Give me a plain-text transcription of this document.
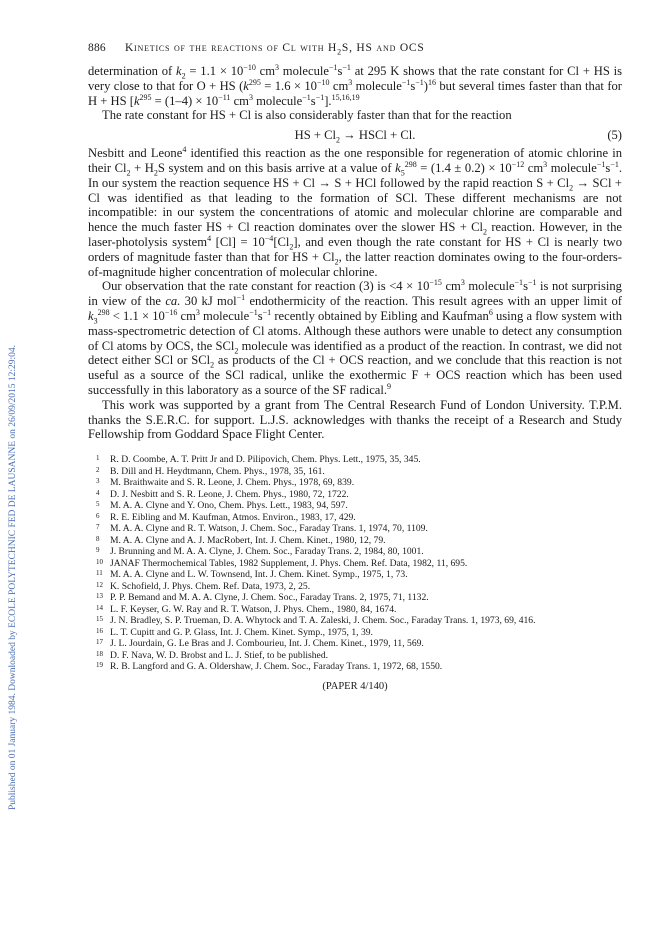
Published on 01 January 1984. Downloaded by ECOLE POLYTECHNIC FED DE LAUSANNE on 26/09/2015 12:29:04.
886 Kinetics of the reactions of Cl with $H_2S$, HS and OCS

determination of $k_2 = 1.1 \times 10^{-10}$ $cm^3$ $molecule^{-1}s^{-1}$ at 295 K shows that the rate constant for Cl + HS is very close to that for O + HS ($k^{295} = 1.6 \times 10^{-10}$ $cm^3$ $molecule^{-1}s^{-1})^{16}$ but several times faster than that for H + HS [$k^{295} = (1-4) \times 10^{-11}$ $cm^3$ $molecule^{-1}s^{-1}].^{15,16,19}$

The rate constant for HS + Cl is also considerably faster than that for the reaction

HS + $Cl_2$ → HSCl + Cl.	(5)

Nesbitt and Leone$^4$ identified this reaction as the one responsible for regeneration of atomic chlorine in their $Cl_2 + H_2S$ system and on this basis arrive at a value of $k_5^{298} = (1.4 \pm 0.2) \times 10^{-12}$ $cm^3$ $molecule^{-1}s^{-1}$. In our system the reaction sequence HS + Cl → S + HCl followed by the rapid reaction $S + Cl_2$ → SCl + Cl was identified as that leading to the formation of SCl. These different mechanisms are not incompatible: in our system the concentrations of atomic and molecular chlorine are comparable and hence the much faster HS + Cl reaction dominates over the slower HS + $Cl_2$ reaction. However, in the laser-photolysis system$^4$ $[Cl] = 10^{-4}[Cl_2]$, and even though the rate constant for HS + Cl is nearly two orders of magnitude faster than that for HS + $Cl_2$, the latter reaction dominates owing to the four-orders-of-magnitude higher concentration of molecular chlorine.

Our observation that the rate constant for reaction (3) is $<4 \times 10^{-15}$ $cm^3$ $molecule^{-1}s^{-1}$ is not surprising in view of the ca. 30 kJ mol$^{-1}$ endothermicity of the reaction. This result agrees with an upper limit of $k_3^{298} < 1.1 \times 10^{-16}$ $cm^3$ $molecule^{-1}s^{-1}$ recently obtained by Eibling and Kaufman$^6$ using a flow system with mass-spectrometric detection of Cl atoms. Although these authors were unable to detect any consumption of Cl atoms by OCS, the SCl$_2$ molecule was identified as a product of the reaction. In contrast, we did not detect either SCl or SCl$_2$ as products of the Cl + OCS reaction, and we conclude that this reaction is not useful as a source of the SCl radical, unlike the exothermic F + OCS reaction which has been used successfully in this laboratory as a source of the SF radical.$^9$

This work was supported by a grant from The Central Research Fund of London University. T.P.M. thanks the S.E.R.C. for support. L.J.S. acknowledges with thanks the receipt of a Research and Study Fellowship from Goddard Space Flight Center.

1	R. D. Coombe, A. T. Pritt Jr and D. Pilipovich, Chem. Phys. Lett., 1975, 35, 345.
2	B. Dill and H. Heydtmann, Chem. Phys., 1978, 35, 161.
3	M. Braithwaite and S. R. Leone, J. Chem. Phys., 1978, 69, 839.
4	D. J. Nesbitt and S. R. Leone, J. Chem. Phys., 1980, 72, 1722.
5	M. A. A. Clyne and Y. Ono, Chem. Phys. Lett., 1983, 94, 597.
6	R. E. Eibling and M. Kaufman, Atmos. Environ., 1983, 17, 429.
7	M. A. A. Clyne and R. T. Watson, J. Chem. Soc., Faraday Trans. 1, 1974, 70, 1109.
8	M. A. A. Clyne and A. J. MacRobert, Int. J. Chem. Kinet., 1980, 12, 79.
9	J. Brunning and M. A. A. Clyne, J. Chem. Soc., Faraday Trans. 2, 1984, 80, 1001.
10 JANAF Thermochemical Tables, 1982 Supplement, J. Phys. Chem. Ref. Data, 1982, 11, 695.
11 M. A. A. Clyne and L. W. Townsend, Int. J. Chem. Kinet. Symp., 1975, 1, 73.
12 K. Schofield, J. Phys. Chem. Ref. Data, 1973, 2, 25.
13 P. P. Bemand and M. A. A. Clyne, J. Chem. Soc., Faraday Trans. 2, 1975, 71, 1132.
14 L. F. Keyser, G. W. Ray and R. T. Watson, J. Phys. Chem., 1980, 84, 1674.
15 J. N. Bradley, S. P. Trueman, D. A. Whytock and T. A. Zaleski, J. Chem. Soc., Faraday Trans. 1, 1973, 69, 416.
16 L. T. Cupitt and G. P. Glass, Int. J. Chem. Kinet. Symp., 1975, 1, 39.
17 J. L. Jourdain, G. Le Bras and J. Combourieu, Int. J. Chem. Kinet., 1979, 11, 569.
18 D. F. Nava, W. D. Brobst and L. J. Stief, to be published.
19 R. B. Langford and G. A. Oldershaw, J. Chem. Soc., Faraday Trans. 1, 1972, 68, 1550.
(PAPER 4/140)
